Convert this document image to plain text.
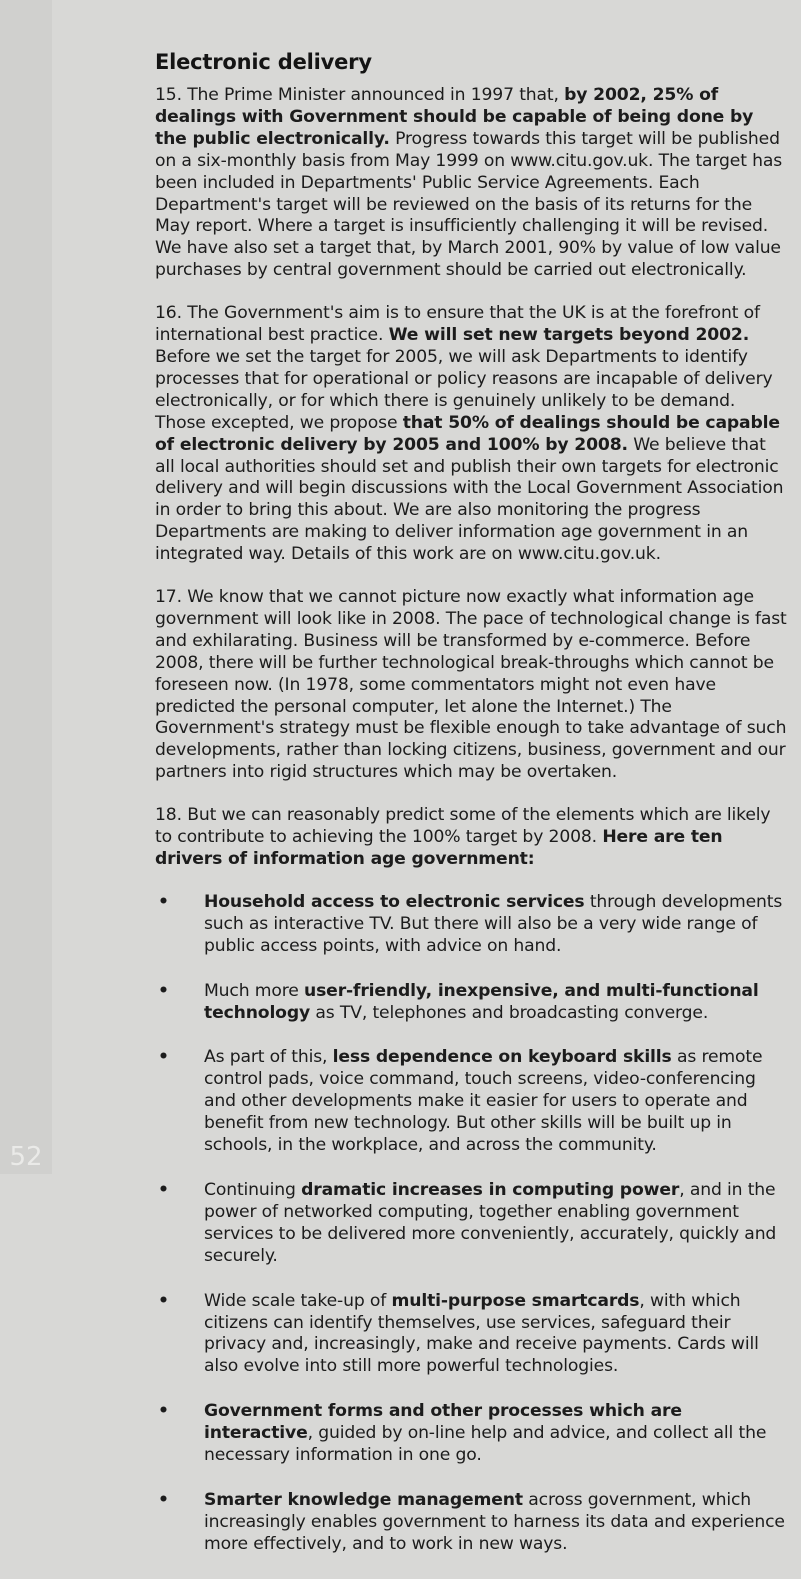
Electronic delivery

15. The Prime Minister announced in 1997 that, by 2002, 25% of dealings with Government should be capable of being done by the public electronically. Progress towards this target will be published on a six-monthly basis from May 1999 on www.citu.gov.uk. The target has been included in Departments' Public Service Agreements. Each Department's target will be reviewed on the basis of its returns for the May report. Where a target is insufficiently challenging it will be revised. We have also set a target that, by March 2001, 90% by value of low value purchases by central government should be carried out electronically.

16. The Government's aim is to ensure that the UK is at the forefront of international best practice. We will set new targets beyond 2002. Before we set the target for 2005, we will ask Departments to identify processes that for operational or policy reasons are incapable of delivery electronically, or for which there is genuinely unlikely to be demand. Those excepted, we propose that 50% of dealings should be capable of electronic delivery by 2005 and 100% by 2008. We believe that all local authorities should set and publish their own targets for electronic delivery and will begin discussions with the Local Government Association in order to bring this about. We are also monitoring the progress Departments are making to deliver information age government in an integrated way. Details of this work are on www.citu.gov.uk.

17. We know that we cannot picture now exactly what information age government will look like in 2008. The pace of technological change is fast and exhilarating. Business will be transformed by e-commerce. Before 2008, there will be further technological break-throughs which cannot be foreseen now. (In 1978, some commentators might not even have predicted the personal computer, let alone the Internet.) The Government's strategy must be flexible enough to take advantage of such developments, rather than locking citizens, business, government and our partners into rigid structures which may be overtaken.

18. But we can reasonably predict some of the elements which are likely to contribute to achieving the 100% target by 2008. Here are ten drivers of information age government:

• Household access to electronic services through developments such as interactive TV. But there will also be a very wide range of public access points, with advice on hand.
• Much more user-friendly, inexpensive, and multi-functional technology as TV, telephones and broadcasting converge.
• As part of this, less dependence on keyboard skills as remote control pads, voice command, touch screens, video-conferencing and other developments make it easier for users to operate and benefit from new technology. But other skills will be built up in schools, in the workplace, and across the community.
• Continuing dramatic increases in computing power, and in the power of networked computing, together enabling government services to be delivered more conveniently, accurately, quickly and securely.
• Wide scale take-up of multi-purpose smartcards, with which citizens can identify themselves, use services, safeguard their privacy and, increasingly, make and receive payments. Cards will also evolve into still more powerful technologies.
• Government forms and other processes which are interactive, guided by on-line help and advice, and collect all the necessary information in one go.
• Smarter knowledge management across government, which increasingly enables government to harness its data and experience more effectively, and to work in new ways.
52
